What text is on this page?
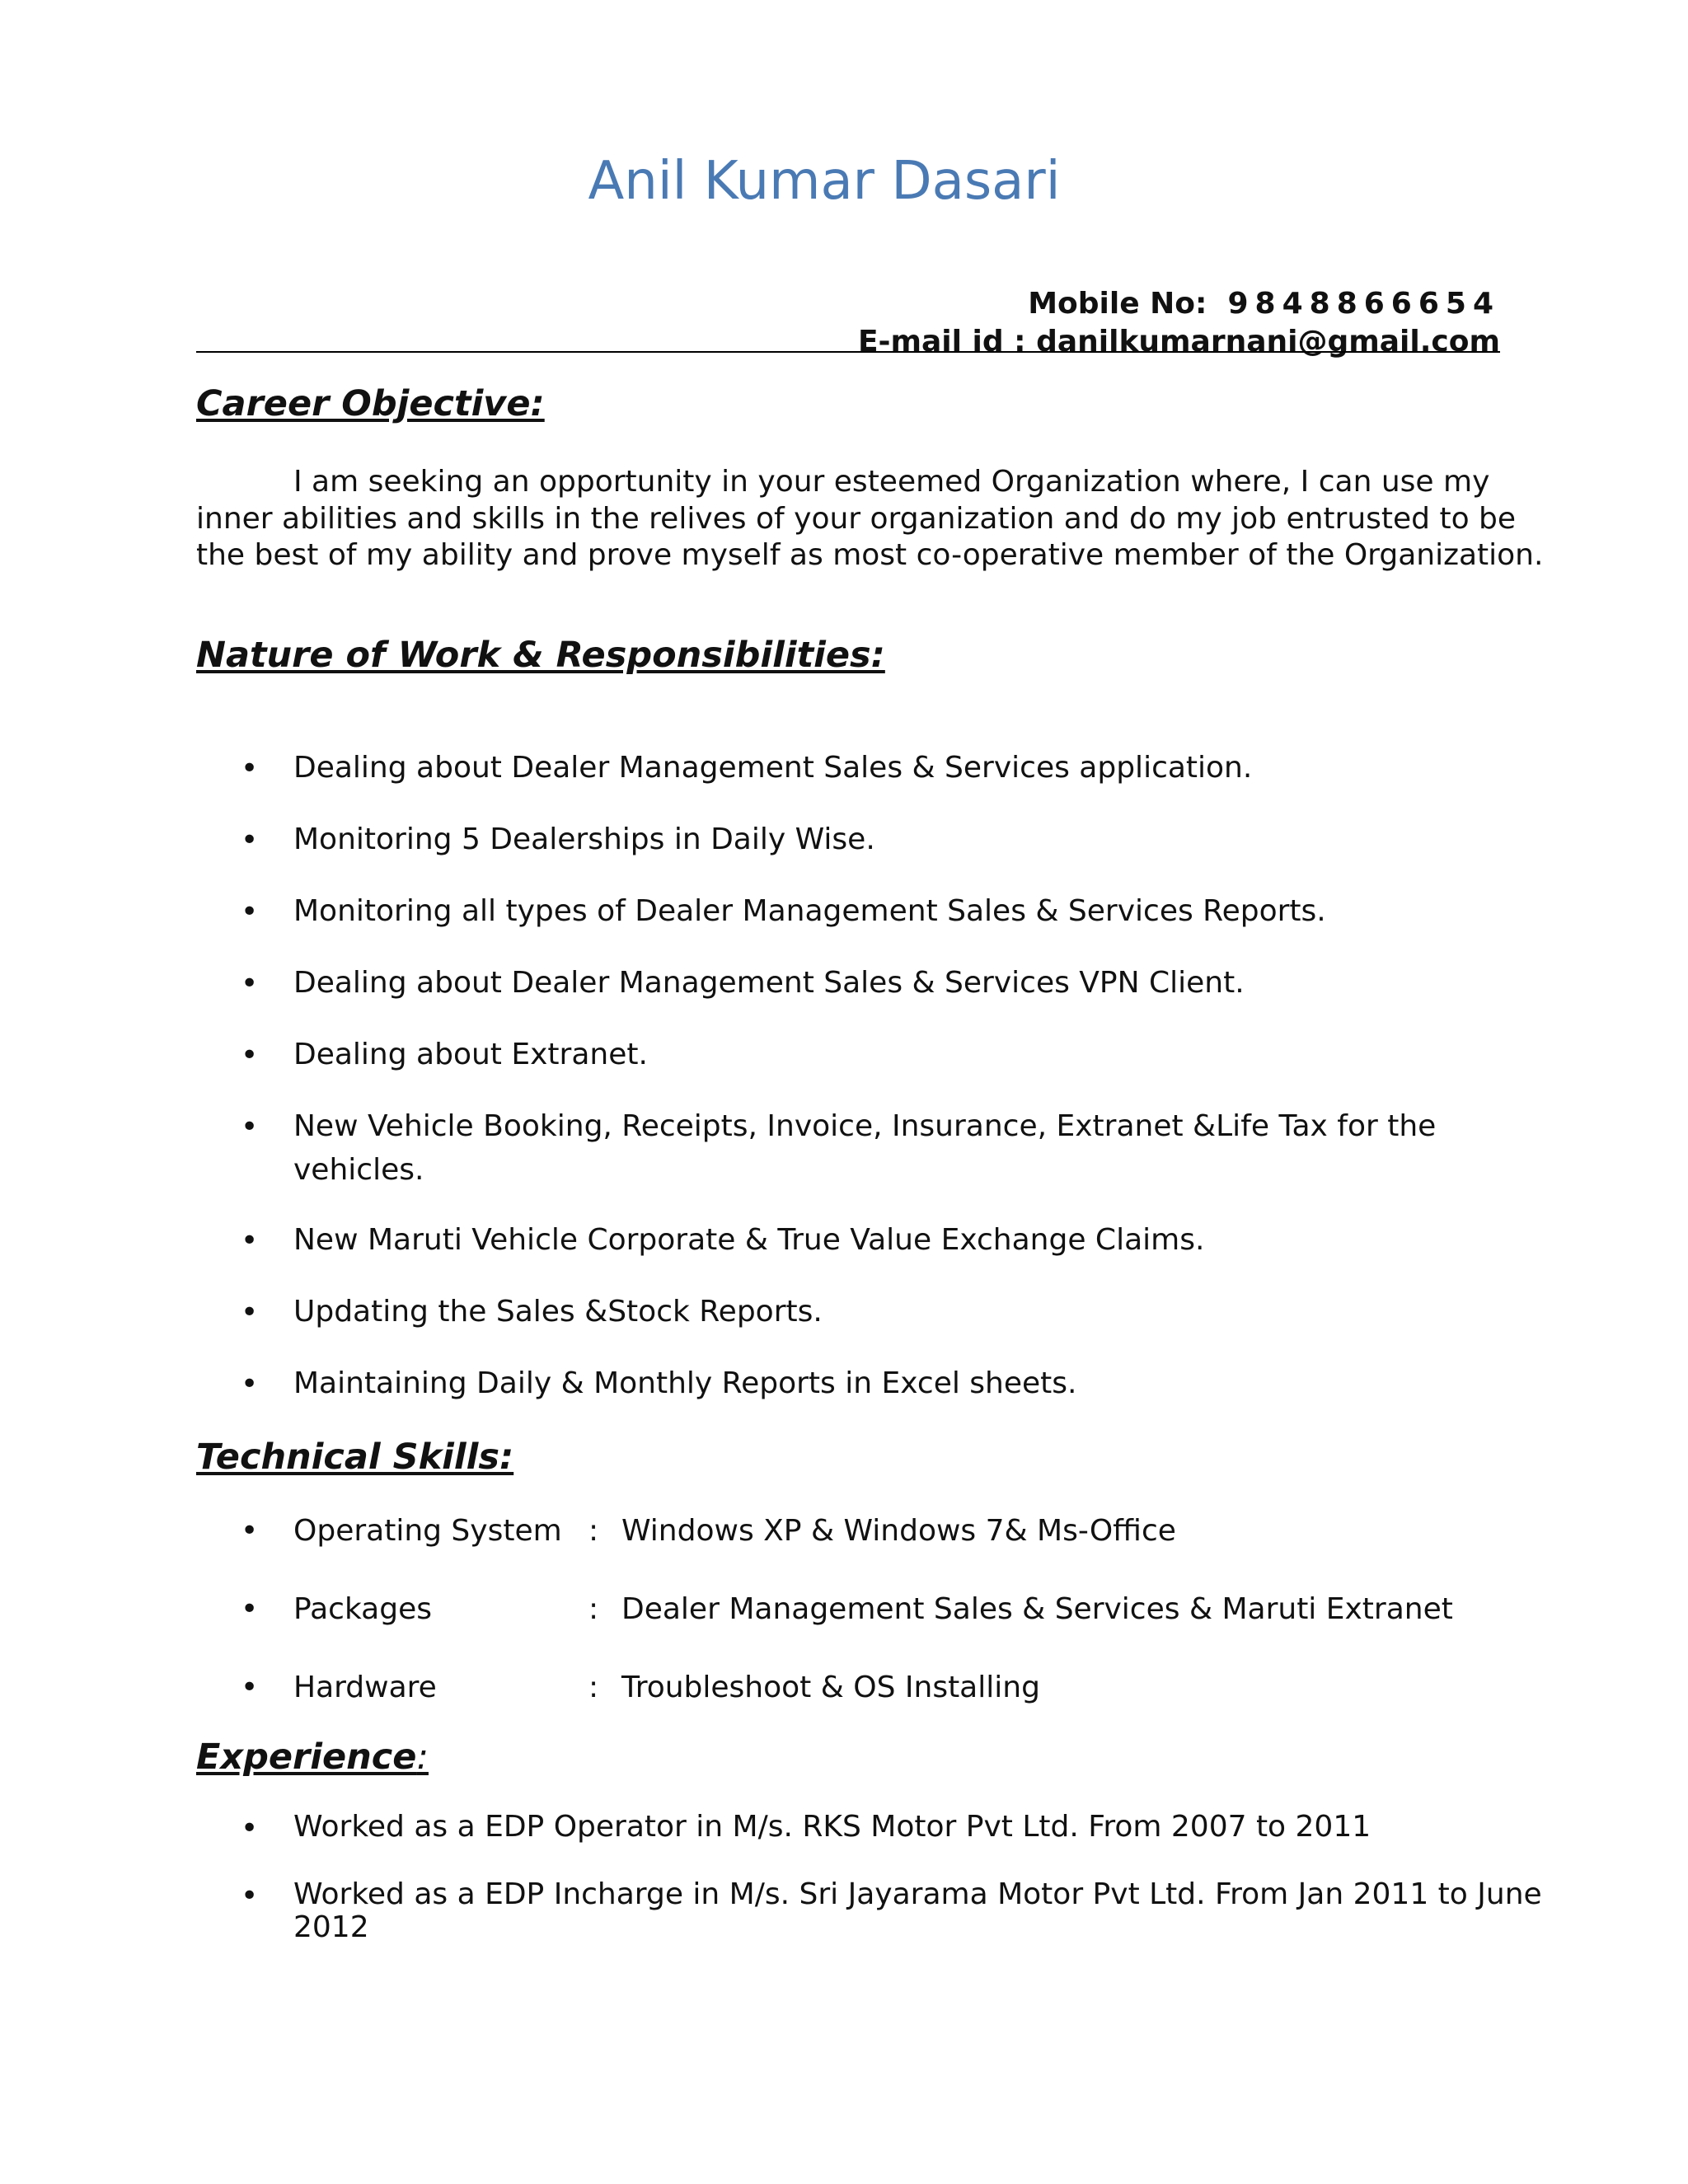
Anil Kumar Dasari
Mobile No: 9848866654
E-mail id : danilkumarnani@gmail.com
Career Objective:
I am seeking an opportunity in your esteemed Organization where, I can use my inner abilities and skills in the relives of your organization and do my job entrusted to be the best of my ability and prove myself as most co-operative member of the Organization.
Nature of Work & Responsibilities:
• Dealing about Dealer Management Sales & Services application.
• Monitoring 5 Dealerships in Daily Wise.
• Monitoring all types of Dealer Management Sales & Services Reports.
• Dealing about Dealer Management Sales & Services VPN Client.
• Dealing about Extranet.
• New Vehicle Booking, Receipts, Invoice, Insurance, Extranet &Life Tax for the vehicles.
• New Maruti Vehicle Corporate & True Value Exchange Claims.
• Updating the Sales &Stock Reports.
• Maintaining Daily & Monthly Reports in Excel sheets.
Technical Skills:
• Operating System : Windows XP & Windows 7& Ms-Office
• Packages	: Dealer Management Sales & Services & Maruti Extranet
• Hardware	: Troubleshoot & OS Installing
Experience:
• Worked as a EDP Operator in M/s. RKS Motor Pvt Ltd. From 2007 to 2011
• Worked as a EDP Incharge in M/s. Sri Jayarama Motor Pvt Ltd. From Jan 2011 to June 2012
